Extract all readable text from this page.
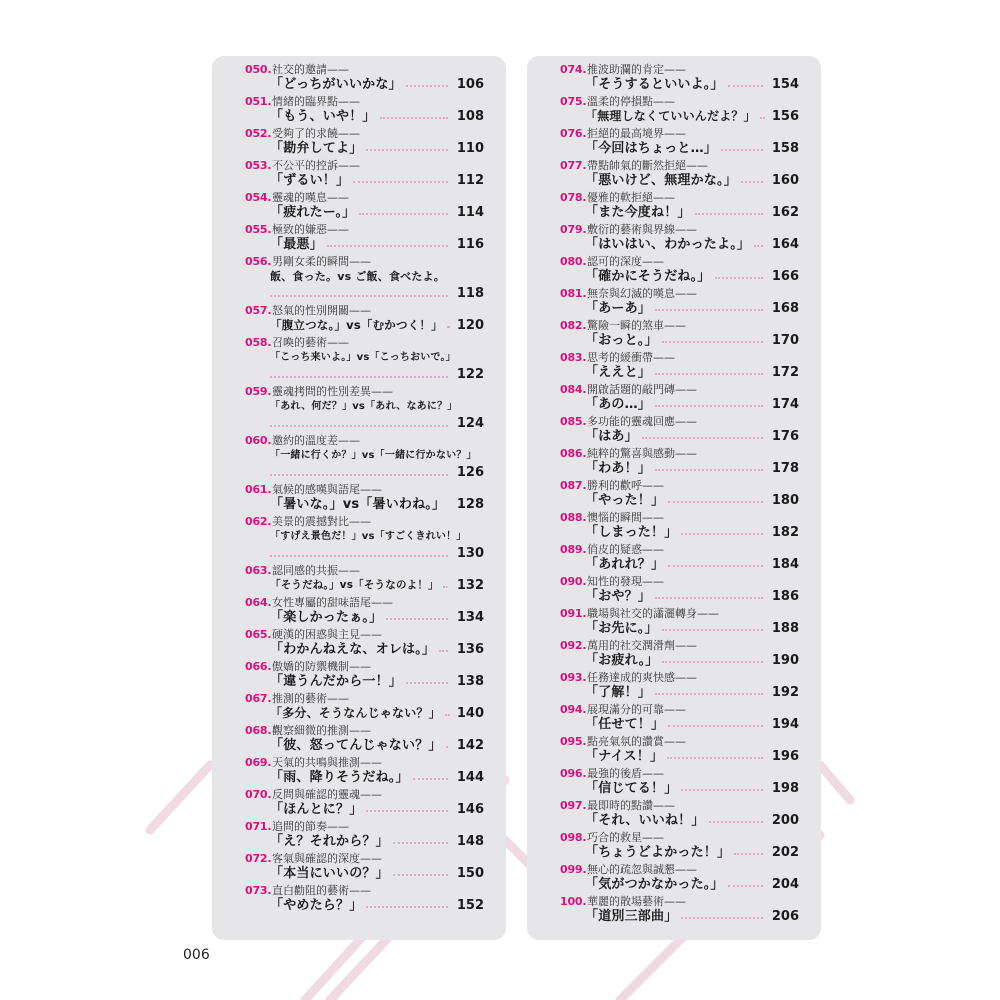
050. 社交的邀請——
「どっちがいいかな」	106
051. 情緒的臨界點——
「もう、いや！」	108
052. 受夠了的求饒——
「勘弁してよ」	110
053. 不公平的控訴——
「ずるい！」	112
054. 靈魂的嘆息——
「疲れたー。」	114
055. 極致的嫌惡——
「最悪」	116
056. 男剛女柔的瞬間——
飯、食った。vs ご飯、食べたよ。
118
057. 怒氣的性別開關——
「腹立つな。」vs「むかつく！」 120
058. 召喚的藝術——
「こっち来いよ。」vs「こっちおいで。」
122
059. 靈魂拷問的性別差異——
「あれ、何だ？」vs「あれ、なあに？」
124
060. 邀約的溫度差——
「一緒に行くか？」vs「一緒に行かない？」
126
061. 氣候的感嘆與語尾——
「暑いな。」vs「暑いわね。」 128
062. 美景的震撼對比——
「すげえ景色だ！」vs「すごくきれい！」
130
063. 認同感的共振——
「そうだね。」vs「そうなのよ！」 132
064. 女性專屬的甜味語尾——
「楽しかったぁ。」	134
065. 硬漢的困惑與主見——
「わかんねえな、オレは。」 136
066. 傲嬌的防禦機制——
「違うんだから一！」	138
067. 推測的藝術——
「多分、そうなんじゃない？」 140
068. 觀察細微的推測——
「彼、怒ってんじゃない？」 142
069. 天氣的共鳴與推測——
「雨、降りそうだね。」	144
070. 反問與確認的靈魂——
「ほんとに？」	146
071. 追問的節奏——
「え？それから？」	148
072. 客氣與確認的深度——
「本当にいいの？」	150
073. 直白勸阻的藝術——
「やめたら？」	152
074. 推波助瀾的肯定——
「そうするといいよ。」	154
075. 溫柔的停損點——
「無理しなくていいんだよ？」 156
076. 拒絕的最高境界——
「今回はちょっと…」	158
077. 帶點帥氣的斷然拒絕——
「悪いけど、無理かな。」	160
078. 優雅的軟拒絕——
「また今度ね！」	162
079. 敷衍的藝術與界線——
「はいはい、わかったよ。」 164
080. 認可的深度——
「確かにそうだね。」	166
081. 無奈與幻滅的嘆息——
「あーあ」	168
082. 驚險一瞬的煞車——
「おっと。」	170
083. 思考的緩衝帶——
「ええと」	172
084. 開啟話題的敲門磚——
「あの…」	174
085. 多功能的靈魂回應——
「はあ」	176
086. 純粹的驚喜與感動——
「わあ！」	178
087. 勝利的歡呼——
「やった！」	180
088. 懊惱的瞬間——
「しまった！」	182
089. 俏皮的疑惑——
「あれれ？」	184
090. 知性的發現——
「おや？」	186
091. 職場與社交的瀟灑轉身——
「お先に。」	188
092. 萬用的社交潤滑劑——
「お疲れ。」	190
093. 任務達成的爽快感——
「了解！」	192
094. 展現滿分的可靠——
「任せて！」	194
095. 點亮氣氛的讚賞——
「ナイス！」	196
096. 最強的後盾——
「信じてる！」	198
097. 最即時的點讚——
「それ、いいね！」	200
098. 巧合的救星——
「ちょうどよかった！」	202
099. 無心的疏忽與誠懇——
「気がつかなかった。」	204
100. 華麗的散場藝術——
「道別三部曲」	206
006
